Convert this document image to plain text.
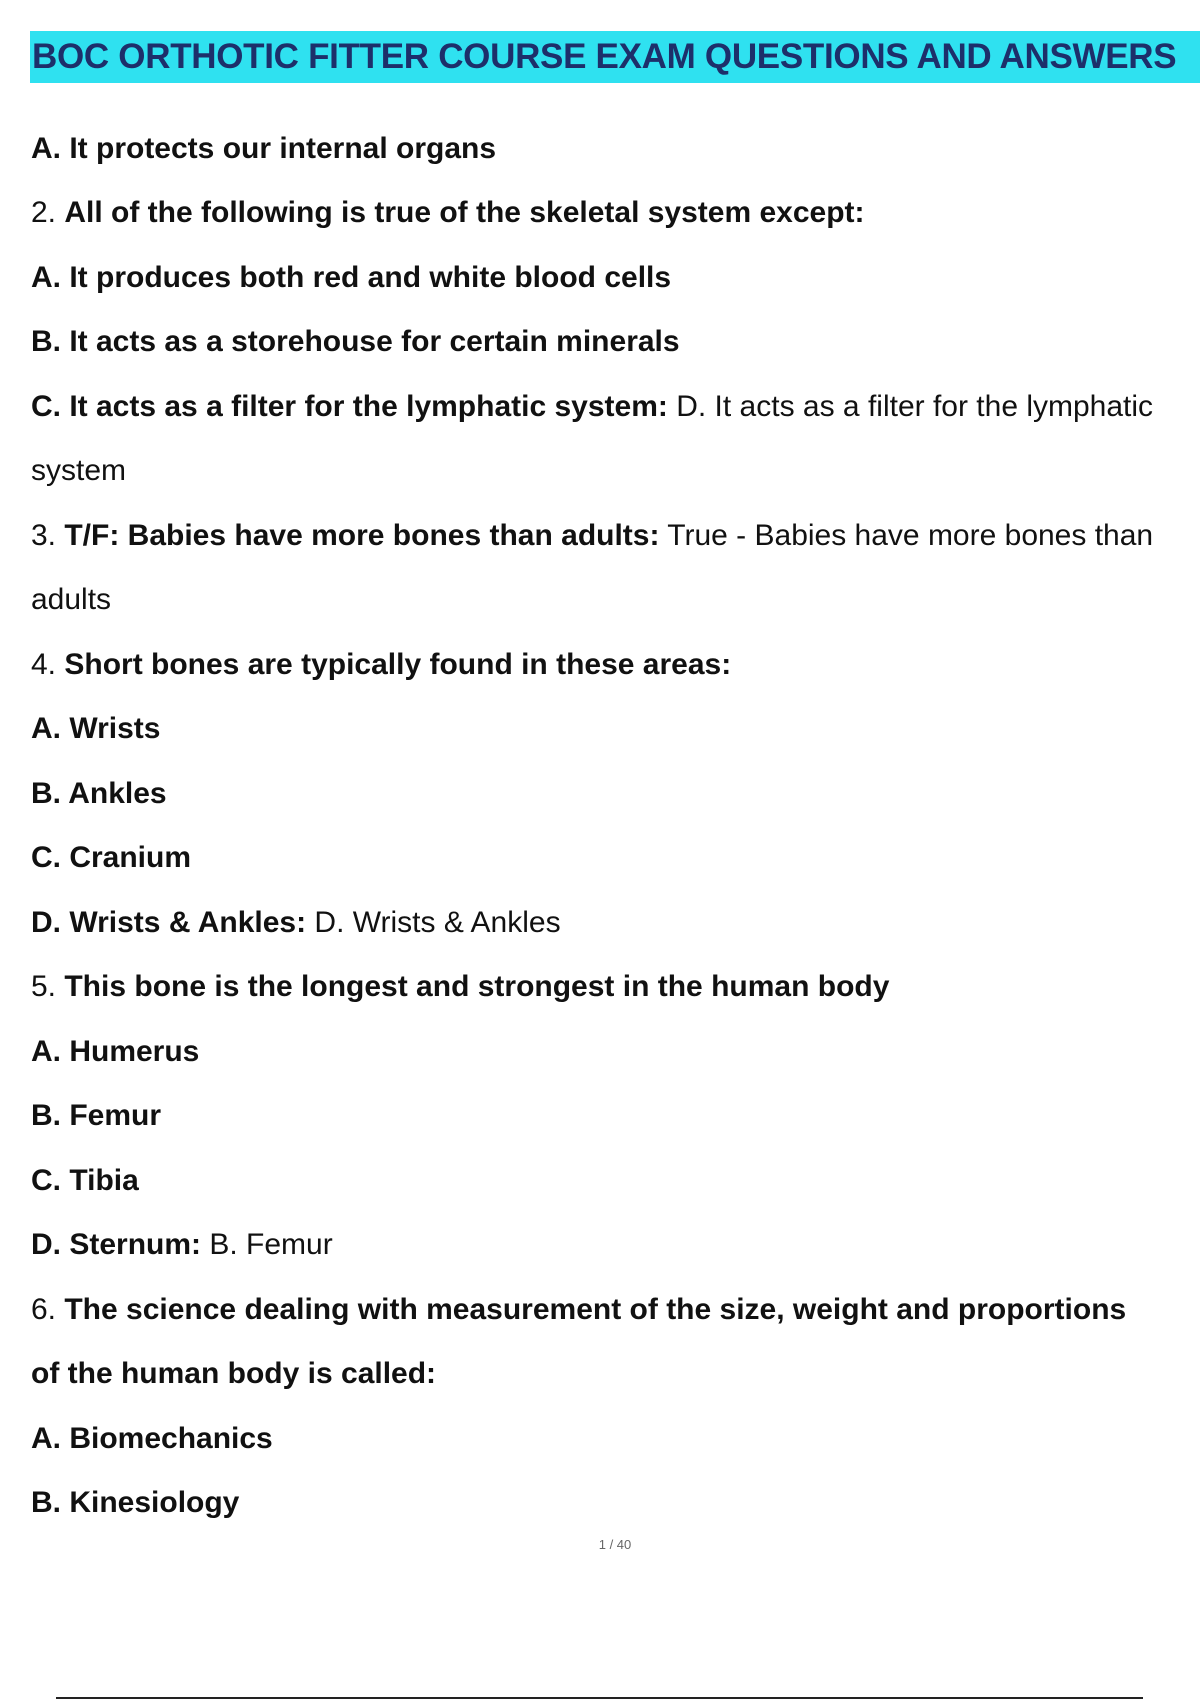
BOC ORTHOTIC FITTER COURSE EXAM QUESTIONS AND ANSWERS
A. It protects our internal organs
2. All of the following is true of the skeletal system except:
A. It produces both red and white blood cells
B. It acts as a storehouse for certain minerals
C. It acts as a filter for the lymphatic system: D. It acts as a filter for the lymphatic
system
3. T/F: Babies have more bones than adults: True - Babies have more bones than
adults
4. Short bones are typically found in these areas:
A. Wrists
B. Ankles
C. Cranium
D. Wrists & Ankles: D. Wrists & Ankles
5. This bone is the longest and strongest in the human body
A. Humerus
B. Femur
C. Tibia
D. Sternum: B. Femur
6. The science dealing with measurement of the size, weight and proportions
of the human body is called:
A. Biomechanics
B. Kinesiology
1 / 40
